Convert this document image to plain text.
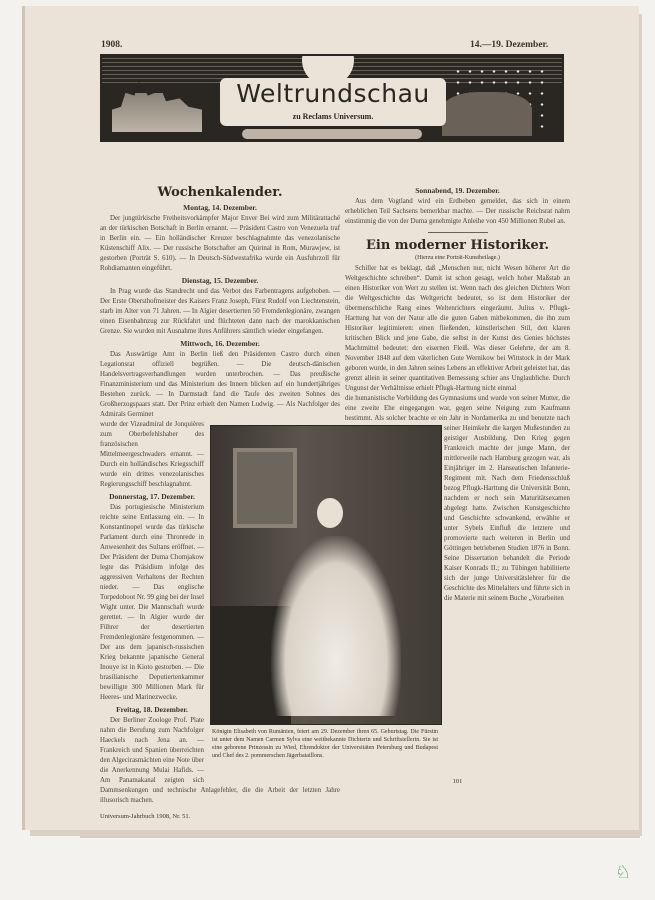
1908.	14.—19. Dezember.
Weltrundschau
zu Reclams Universum.
Wochenkalender.
Montag, 14. Dezember.

Der jungtürkische Freiheitsvorkämpfer Major Enver Bei wird zum Militärattaché an der türkischen Botschaft in Berlin ernannt. — Präsident Castro von Venezuela traf in Berlin ein. — Ein holländischer Kreuzer beschlagnahmte das venezolanische Küstenschiff Alix. — Der russische Botschafter am Quirinal in Rom, Murawjew, ist gestorben (Porträt S. 610). — In Deutsch-Südwestafrika wurde ein Ausfuhrzoll für Rohdiamanten eingeführt.

Dienstag, 15. Dezember.

In Prag wurde das Standrecht und das Verbot des Farbentragens aufgehoben. — Der Erste Obersthofmeister des Kaisers Franz Joseph, Fürst Rudolf von Liechtenstein, starb im Alter von 71 Jahren. — In Algier desertierten 50 Fremdenlegionäre, zwangen einen Eisenbahnzug zur Rückfahrt und flüchteten dann nach der marokkanischen Grenze. Sie wurden mit Ausnahme ihres Anführers sämtlich wieder eingefangen.

Mittwoch, 16. Dezember.

Das Auswärtige Amt in Berlin ließ den Präsidenten Castro durch einen Legationsrat offiziell begrüßen. — Die deutsch-dänischen Handelsvertragsverhandlungen wurden unterbrochen. — Das preußische Finanzministerium und das Ministerium des Innern blicken auf ein hundertjähriges Bestehen zurück. — In Darmstadt fand die Taufe des zweiten Sohnes des Großherzogspaars statt. Der Prinz erhielt den Namen Ludwig. — Als Nachfolger des Admirals Germinet

wurde der Vizeadmiral de Jonquières zum Oberbefehlshaber des französischen Mittelmeergeschwaders ernannt. — Durch ein holländisches Kriegsschiff wurde ein drittes venezolanisches Regierungsschiff beschlagnahmt.

Donnerstag, 17. Dezember.

Das portugiesische Ministerium reichte seine Entlassung ein. — In Konstantinopel wurde das türkische Parlament durch eine Thronrede in Anwesenheit des Sultans eröffnet. — Der Präsident der Duma Chomjakow legte das Präsidium infolge des aggressiven Verhaltens der Rechten nieder. — Das englische Torpedoboot Nr. 99 ging bei der Insel Wight unter. Die Mannschaft wurde gerettet. — In Algier wurde der Führer der desertierten Fremdenlegionäre festgenommen. — Der aus dem japanisch-russischen Krieg bekannte japanische General Inouye ist in Kioto gestorben. — Die brasilianische Deputiertenkammer bewilligte 300 Millionen Mark für Heeres- und Marinezwecke.

Freitag, 18. Dezember.

Der Berliner Zoologe Prof. Plate nahm die Berufung zum Nachfolger Haeckels nach Jena an. — Frankreich und Spanien überreichten den Algecirasmächten eine Note über die Anerkennung Mulai Hafids. — Am Panamakanal zeigten sich Dammsenkungen und technische Anlagefehler, die die Arbeit der letzten Jahre illusorisch machen.

Universum-Jahrbuch 1908, Nr. 51.
Sonnabend, 19. Dezember.

Aus dem Vogtland wird ein Erdbeben gemeldet, das sich in einem erheblichen Teil Sachsens bemerkbar machte. — Der russische Reichsrat nahm einstimmig die von der Duma genehmigte Anleihe von 450 Millionen Rubel an.

Ein moderner Historiker.
(Hierzu eine Porträt-Kunstbeilage.)

Schiller hat es beklagt, daß „Menschen nur, nicht Wesen höherer Art die Weltgeschichte schreiben“. Damit ist schon gesagt, welch hoher Maßstab an einen Historiker von Wert zu stellen ist. Wenn nach des gleichen Dichters Wort die Weltgeschichte das Weltgericht bedeutet, so ist dem Historiker der übermenschliche Rang eines Weltenrichters eingeräumt. Julius v. Pflugk-Harttung hat von der Natur alle die guten Gaben mitbekommen, die ihn zum Historiker legitimieren: einen fließenden, künstlerischen Stil, den klaren kritischen Blick und jene Gabe, die selbst in der Kunst des Genies höchstes Machtmittel bedeutet: den eisernen Fleiß. Was dieser Gelehrte, der am 8. November 1848 auf dem väterlichen Gute Wernikow bei Wittstock in der Mark geboren wurde, in den Jahren seines Lebens an effektiver Arbeit geleistet hat, das grenzt allein in seiner quantitativen Bemessung schier ans Unglaubliche. Durch Ungunst der Verhältnisse erhielt Pflugk-Harttung nicht einmal

die humanistische Vorbildung des Gymnasiums und wurde von seiner Mutter, die eine zweite Ehe eingegangen war, gegen seine Neigung zum Kaufmann bestimmt. Als solcher brachte er ein Jahr in Nordamerika zu und benutzte nach seiner Heimkehr die kargen Mußestunden zu geistiger Ausbildung. Den Krieg gegen Frankreich machte der junge Mann, der mittlerweile nach Hamburg gezogen war, als Einjähriger im 2. Hanseatischen Infanterie-Regiment mit. Nach dem Friedensschluß bezog Pflugk-Harttung die Universität Bonn, nachdem er noch sein Maturitätsexamen abgelegt hatte. Zwischen Kunstgeschichte und Geschichte schwankend, erwählte er unter Sybels Einfluß die letztere und promovierte nach weiteren in Berlin und Göttingen betriebenen Studien 1876 in Bonn. Seine Dissertation behandelt die Periode Kaiser Konrads II.; zu Tübingen habilitierte sich der junge Universitätslehrer für die Geschichte des Mittelalters und führte sich in die Materie mit seinem Buche „Vorarbeiten

101
Königin Elisabeth von Rumänien, feiert am 29. Dezember ihren 65. Geburtstag. Die Fürstin ist unter dem Namen Carmen Sylva eine weitbekannte Dichterin und Schriftstellerin. Sie ist eine geborene Prinzessin zu Wied, Ehrendoktor der Universitäten Petersburg und Budapest und Chef des 2. pommerschen Jägerbataillons.
♘
